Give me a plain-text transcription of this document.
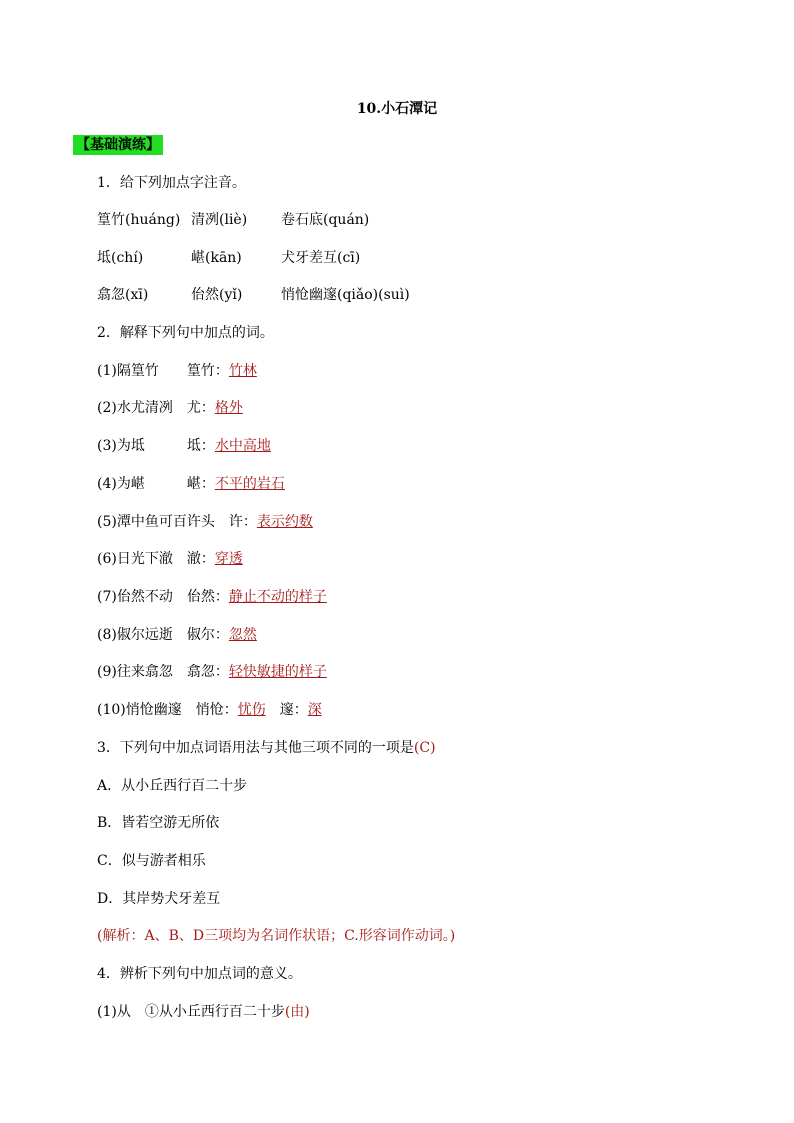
10.小石潭记
【基础演练】
1．给下列加点字注音。
篁竹(huáng) 清冽(liè) 卷石底(quán)
坻(chí)	嵁(kān)	犬牙差互(cī)
翕忽(xī)	佁然(yǐ)	悄怆幽邃(qiǎo)(suì)
2．解释下列句中加点的词。
(1)隔篁竹　　篁竹：竹林
(2)水尤清冽　尤：格外
(3)为坻　　　坻：水中高地
(4)为嵁　　　嵁：不平的岩石
(5)潭中鱼可百许头　许：表示约数
(6)日光下澈　澈：穿透
(7)佁然不动　佁然：静止不动的样子
(8)俶尔远逝　俶尔：忽然
(9)往来翕忽　翕忽：轻快敏捷的样子
(10)悄怆幽邃　悄怆：忧伤　邃：深
3．下列句中加点词语用法与其他三项不同的一项是(C)
A．从小丘西行百二十步
B．皆若空游无所依
C．似与游者相乐
D．其岸势犬牙差互
(解析：A、B、D三项均为名词作状语；C.形容词作动词。)
4．辨析下列句中加点词的意义。
(1)从　①从小丘西行百二十步(由)
